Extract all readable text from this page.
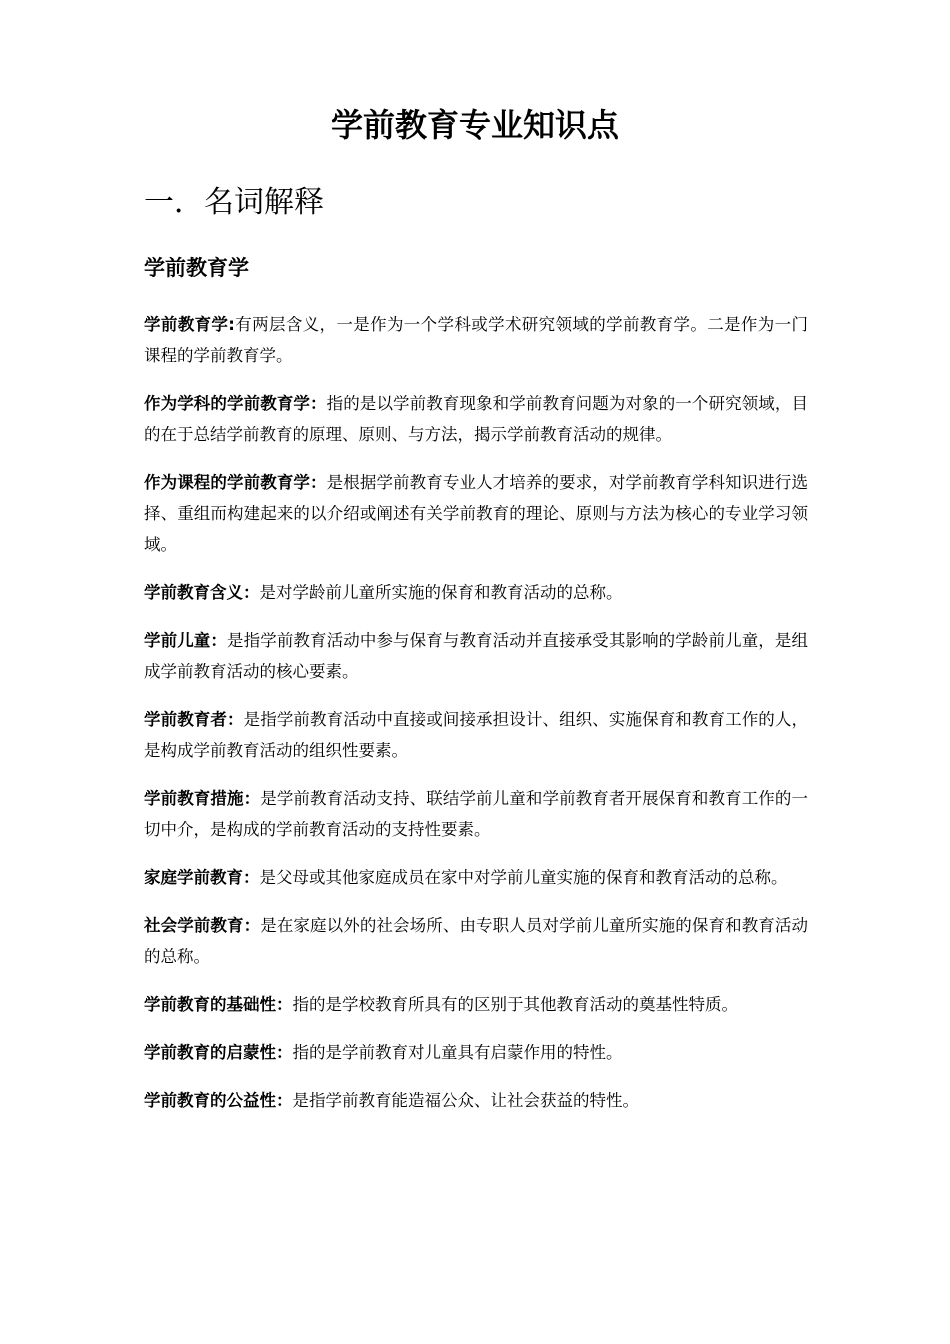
学前教育专业知识点
一．名词解释
学前教育学

学前教育学:有两层含义，一是作为一个学科或学术研究领域的学前教育学。二是作为一门课程的学前教育学。

作为学科的学前教育学：指的是以学前教育现象和学前教育问题为对象的一个研究领域，目的在于总结学前教育的原理、原则、与方法，揭示学前教育活动的规律。

作为课程的学前教育学：是根据学前教育专业人才培养的要求，对学前教育学科知识进行选择、重组而构建起来的以介绍或阐述有关学前教育的理论、原则与方法为核心的专业学习领域。

学前教育含义：是对学龄前儿童所实施的保育和教育活动的总称。

学前儿童：是指学前教育活动中参与保育与教育活动并直接承受其影响的学龄前儿童，是组成学前教育活动的核心要素。

学前教育者：是指学前教育活动中直接或间接承担设计、组织、实施保育和教育工作的人，是构成学前教育活动的组织性要素。

学前教育措施：是学前教育活动支持、联结学前儿童和学前教育者开展保育和教育工作的一切中介，是构成的学前教育活动的支持性要素。

家庭学前教育：是父母或其他家庭成员在家中对学前儿童实施的保育和教育活动的总称。

社会学前教育：是在家庭以外的社会场所、由专职人员对学前儿童所实施的保育和教育活动的总称。

学前教育的基础性：指的是学校教育所具有的区别于其他教育活动的奠基性特质。

学前教育的启蒙性：指的是学前教育对儿童具有启蒙作用的特性。

学前教育的公益性：是指学前教育能造福公众、让社会获益的特性。
